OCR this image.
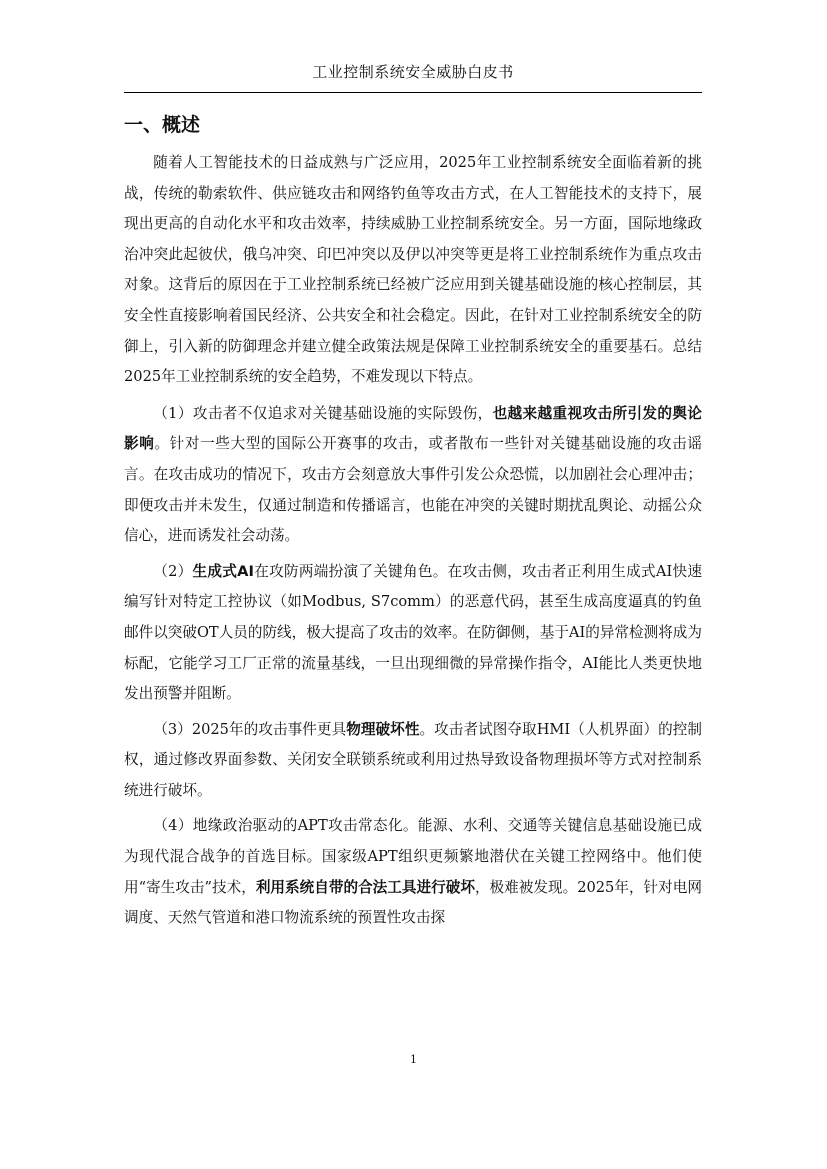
工业控制系统安全威胁白皮书
一、概述

随着人工智能技术的日益成熟与广泛应用，2025年工业控制系统安全面临着新的挑战，传统的勒索软件、供应链攻击和网络钓鱼等攻击方式，在人工智能技术的支持下，展现出更高的自动化水平和攻击效率，持续威胁工业控制系统安全。另一方面，国际地缘政治冲突此起彼伏，俄乌冲突、印巴冲突以及伊以冲突等更是将工业控制系统作为重点攻击对象。这背后的原因在于工业控制系统已经被广泛应用到关键基础设施的核心控制层，其安全性直接影响着国民经济、公共安全和社会稳定。因此，在针对工业控制系统安全的防御上，引入新的防御理念并建立健全政策法规是保障工业控制系统安全的重要基石。总结2025年工业控制系统的安全趋势，不难发现以下特点。

（1）攻击者不仅追求对关键基础设施的实际毁伤，也越来越重视攻击所引发的舆论影响。针对一些大型的国际公开赛事的攻击，或者散布一些针对关键基础设施的攻击谣言。在攻击成功的情况下，攻击方会刻意放大事件引发公众恐慌，以加剧社会心理冲击；即便攻击并未发生，仅通过制造和传播谣言，也能在冲突的关键时期扰乱舆论、动摇公众信心，进而诱发社会动荡。

（2）生成式AI在攻防两端扮演了关键角色。在攻击侧，攻击者正利用生成式AI快速编写针对特定工控协议（如Modbus, S7comm）的恶意代码，甚至生成高度逼真的钓鱼邮件以突破OT人员的防线，极大提高了攻击的效率。在防御侧，基于AI的异常检测将成为标配，它能学习工厂正常的流量基线，一旦出现细微的异常操作指令，AI能比人类更快地发出预警并阻断。

（3）2025年的攻击事件更具物理破坏性。攻击者试图夺取HMI（人机界面）的控制权，通过修改界面参数、关闭安全联锁系统或利用过热导致设备物理损坏等方式对控制系统进行破坏。

（4）地缘政治驱动的APT攻击常态化。能源、水利、交通等关键信息基础设施已成为现代混合战争的首选目标。国家级APT组织更频繁地潜伏在关键工控网络中。他们使用“寄生攻击”技术，利用系统自带的合法工具进行破坏，极难被发现。2025年，针对电网调度、天然气管道和港口物流系统的预置性攻击探

1
